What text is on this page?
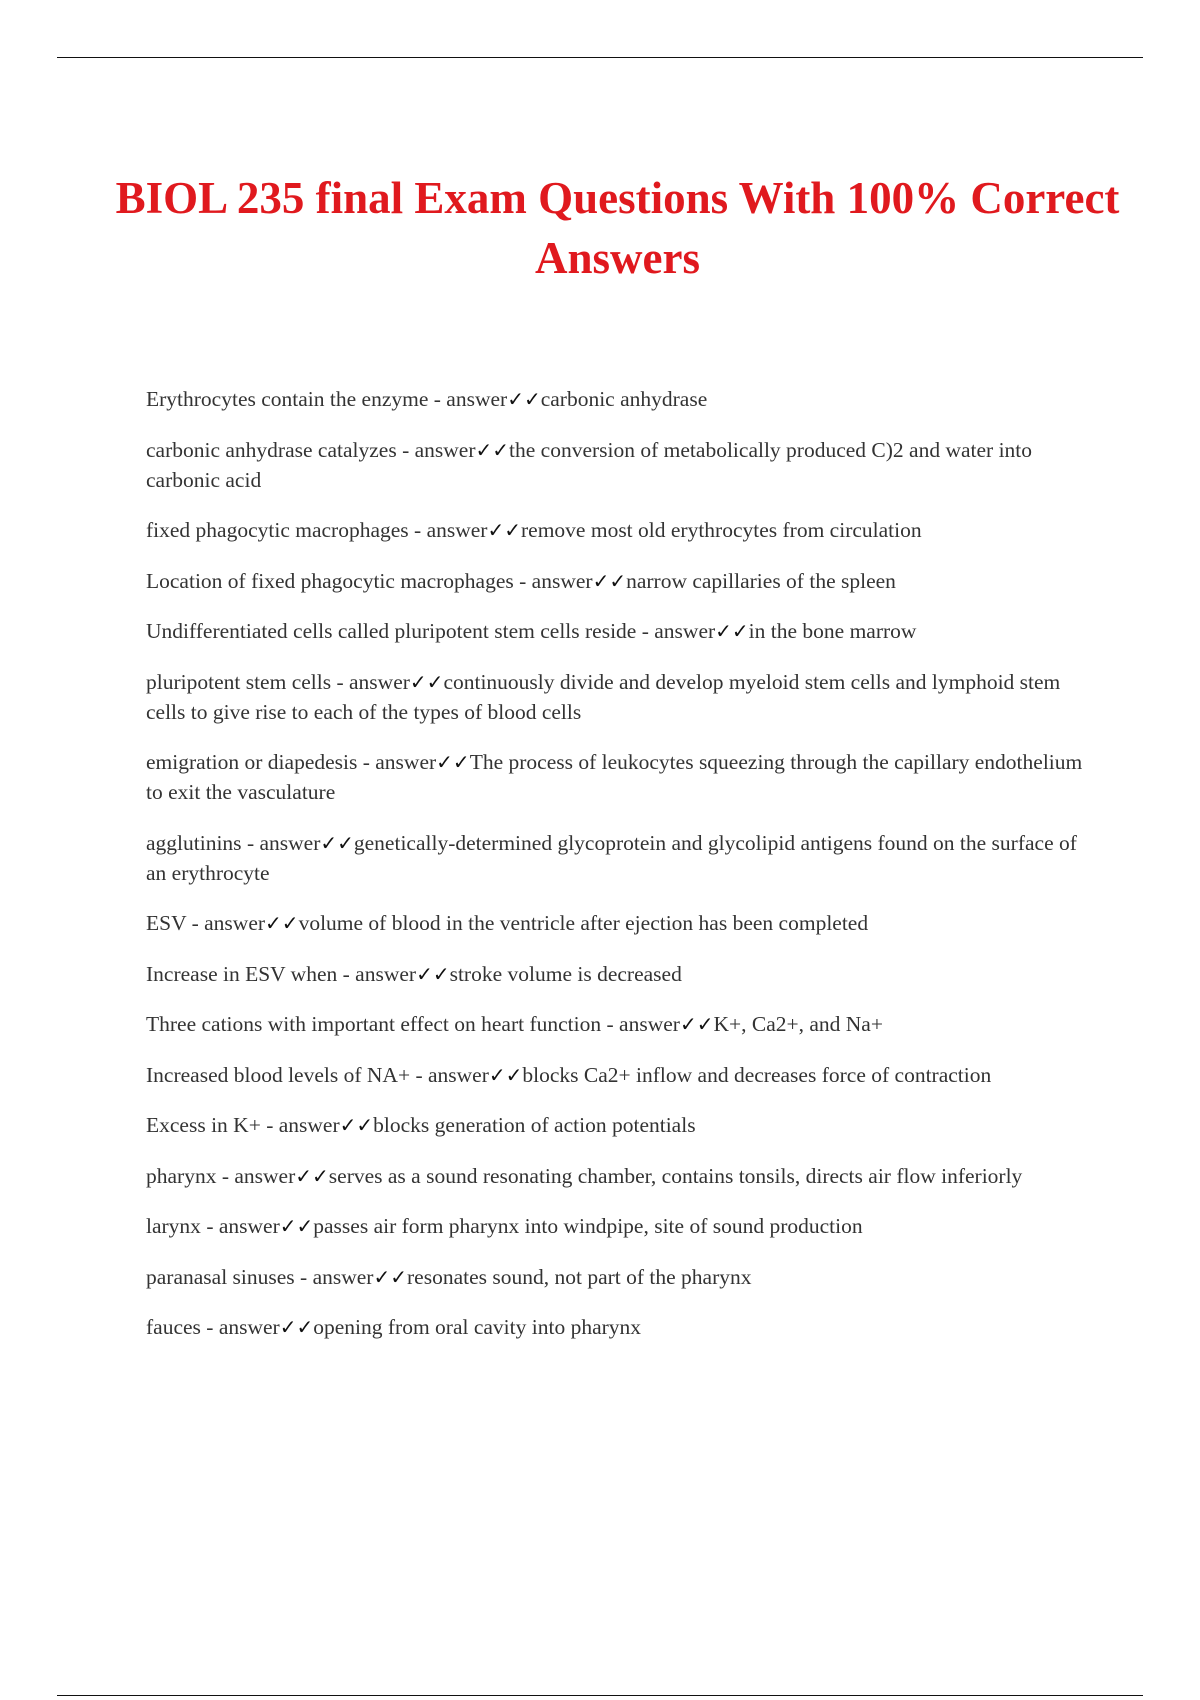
BIOL 235 final Exam Questions With 100% Correct Answers
Erythrocytes contain the enzyme - answer✓✓carbonic anhydrase
carbonic anhydrase catalyzes - answer✓✓the conversion of metabolically produced C)2 and water into carbonic acid
fixed phagocytic macrophages - answer✓✓remove most old erythrocytes from circulation
Location of fixed phagocytic macrophages - answer✓✓narrow capillaries of the spleen
Undifferentiated cells called pluripotent stem cells reside - answer✓✓in the bone marrow
pluripotent stem cells - answer✓✓continuously divide and develop myeloid stem cells and lymphoid stem cells to give rise to each of the types of blood cells
emigration or diapedesis - answer✓✓The process of leukocytes squeezing through the capillary endothelium to exit the vasculature
agglutinins - answer✓✓genetically-determined glycoprotein and glycolipid antigens found on the surface of an erythrocyte
ESV - answer✓✓volume of blood in the ventricle after ejection has been completed
Increase in ESV when - answer✓✓stroke volume is decreased
Three cations with important effect on heart function - answer✓✓K+, Ca2+, and Na+
Increased blood levels of NA+ - answer✓✓blocks Ca2+ inflow and decreases force of contraction
Excess in K+ - answer✓✓blocks generation of action potentials
pharynx - answer✓✓serves as a sound resonating chamber, contains tonsils, directs air flow inferiorly
larynx - answer✓✓passes air form pharynx into windpipe, site of sound production
paranasal sinuses - answer✓✓resonates sound, not part of the pharynx
fauces - answer✓✓opening from oral cavity into pharynx
